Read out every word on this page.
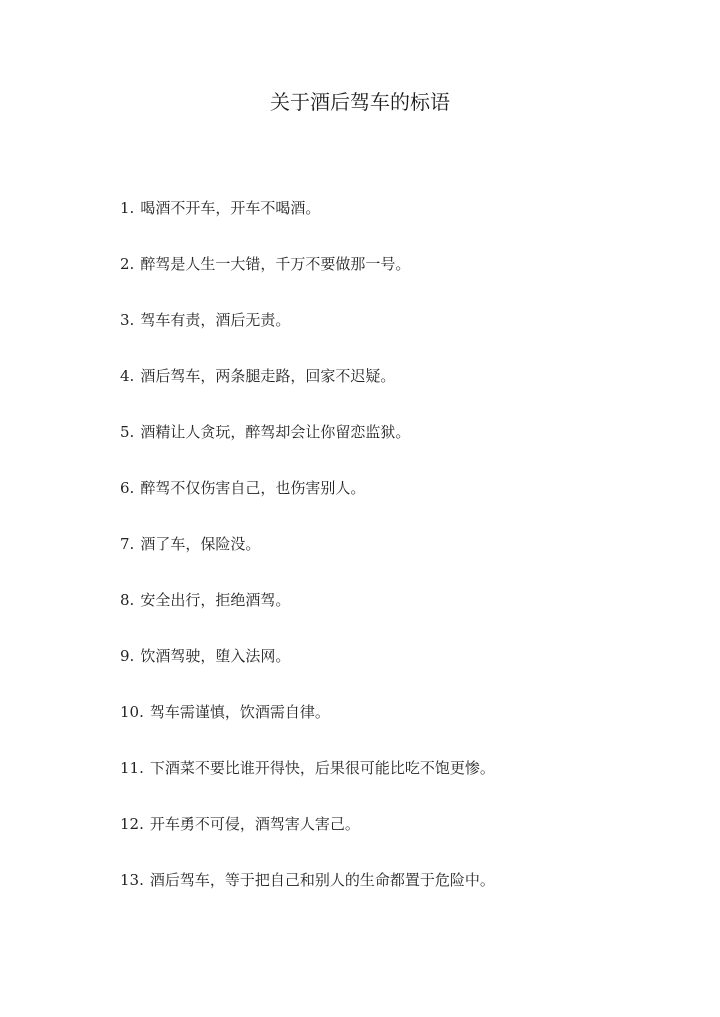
关于酒后驾车的标语
1. 喝酒不开车，开车不喝酒。
2. 醉驾是人生一大错，千万不要做那一号。
3. 驾车有责，酒后无责。
4. 酒后驾车，两条腿走路，回家不迟疑。
5. 酒精让人贪玩，醉驾却会让你留恋监狱。
6. 醉驾不仅伤害自己，也伤害别人。
7. 酒了车，保险没。
8. 安全出行，拒绝酒驾。
9. 饮酒驾驶，堕入法网。
10. 驾车需谨慎，饮酒需自律。
11. 下酒菜不要比谁开得快，后果很可能比吃不饱更惨。
12. 开车勇不可侵，酒驾害人害己。
13. 酒后驾车，等于把自己和别人的生命都置于危险中。
